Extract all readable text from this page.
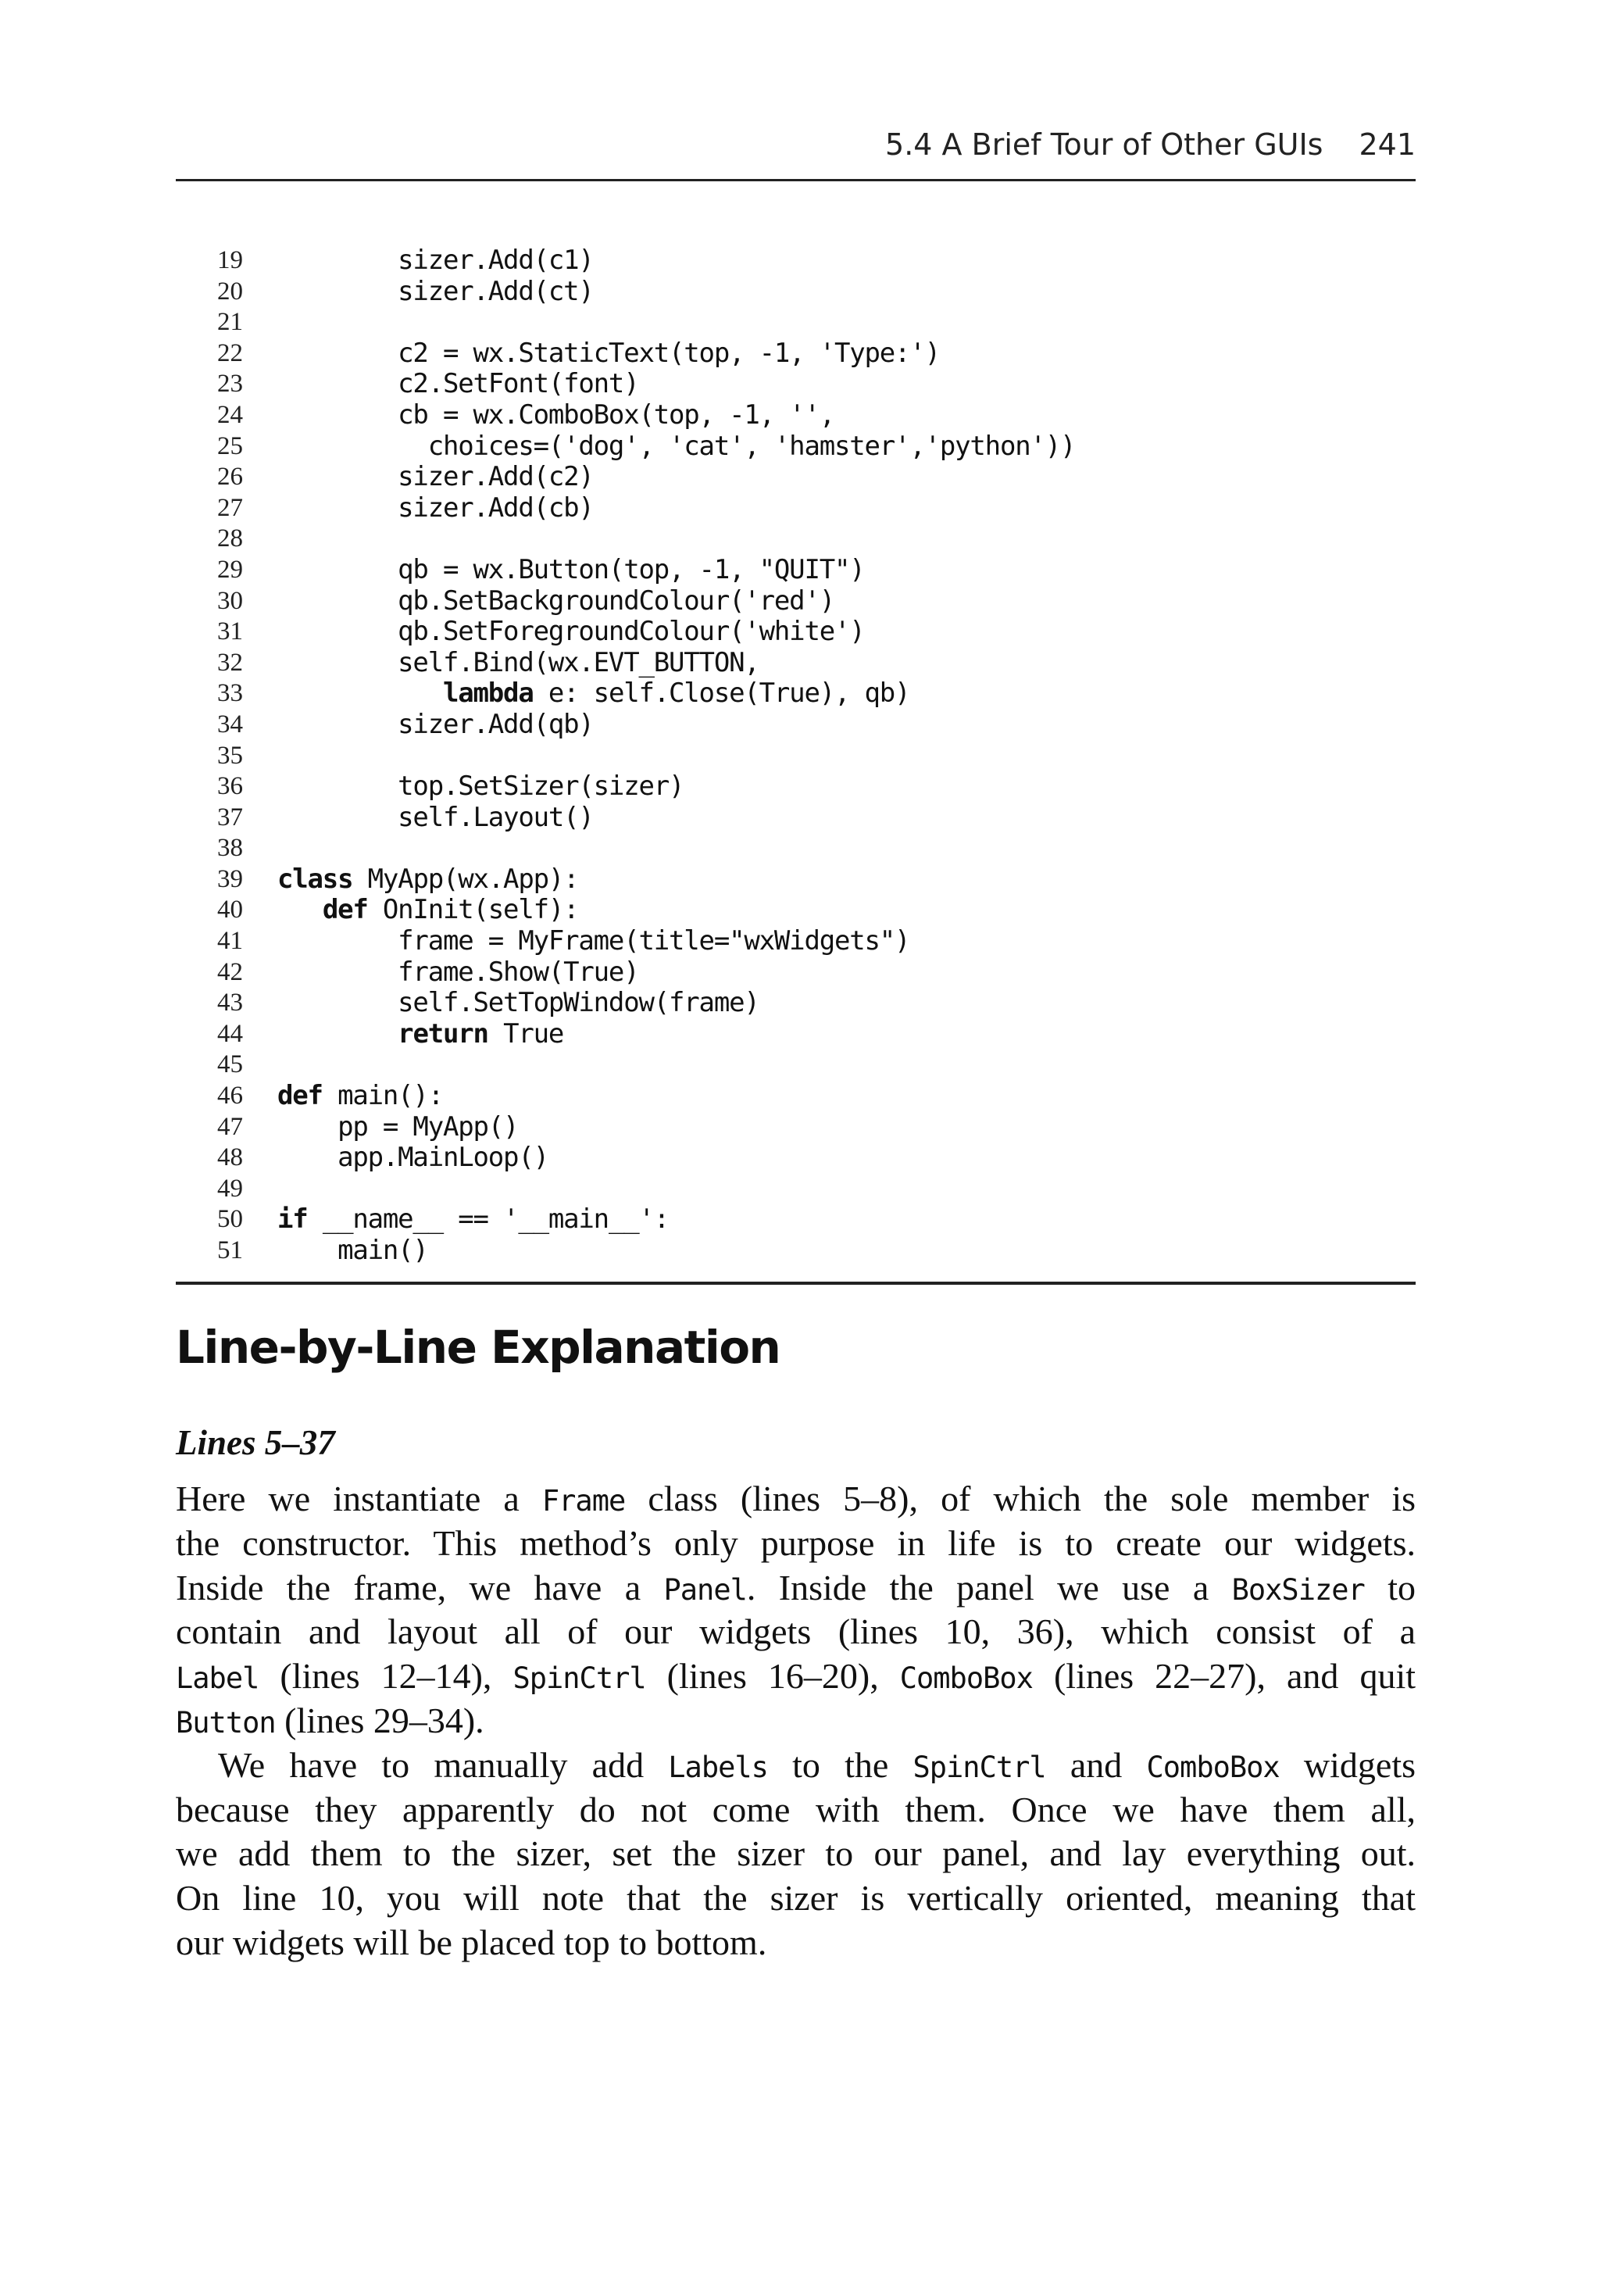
5.4 A Brief Tour of Other GUIs 241
19 sizer.Add(c1)
20 sizer.Add(ct)
21
22 c2 = wx.StaticText(top, -1, 'Type:')
23 c2.SetFont(font)
24 cb = wx.ComboBox(top, -1, '',
25 choices=('dog', 'cat', 'hamster','python'))
26 sizer.Add(c2)
27 sizer.Add(cb)
28
29 qb = wx.Button(top, -1, "QUIT")
30 qb.SetBackgroundColour('red')
31 qb.SetForegroundColour('white')
32 self.Bind(wx.EVT_BUTTON,
33	lambda e: self.Close(True), qb)
34 sizer.Add(qb)
35
36 top.SetSizer(sizer)
37 self.Layout()
38
39 class MyApp(wx.App):
40	def OnInit(self):
41 frame = MyFrame(title="wxWidgets")
42 frame.Show(True)
43 self.SetTopWindow(frame)
44	return True
45
46 def main():
47 pp = MyApp()
48 app.MainLoop()
49
50 if __name__ == '__main__':
51 main()
Line-by-Line Explanation
Lines 5–37
Here we instantiate a Frame class (lines 5–8), of which the sole member is
the constructor. This method’s only purpose in life is to create our widgets.
Inside the frame, we have a Panel. Inside the panel we use a BoxSizer to
contain and layout all of our widgets (lines 10, 36), which consist of a
Label (lines 12–14), SpinCtrl (lines 16–20), ComboBox (lines 22–27), and quit
Button (lines 29–34).
We have to manually add Labels to the SpinCtrl and ComboBox widgets
because they apparently do not come with them. Once we have them all,
we add them to the sizer, set the sizer to our panel, and lay everything out.
On line 10, you will note that the sizer is vertically oriented, meaning that
our widgets will be placed top to bottom.
